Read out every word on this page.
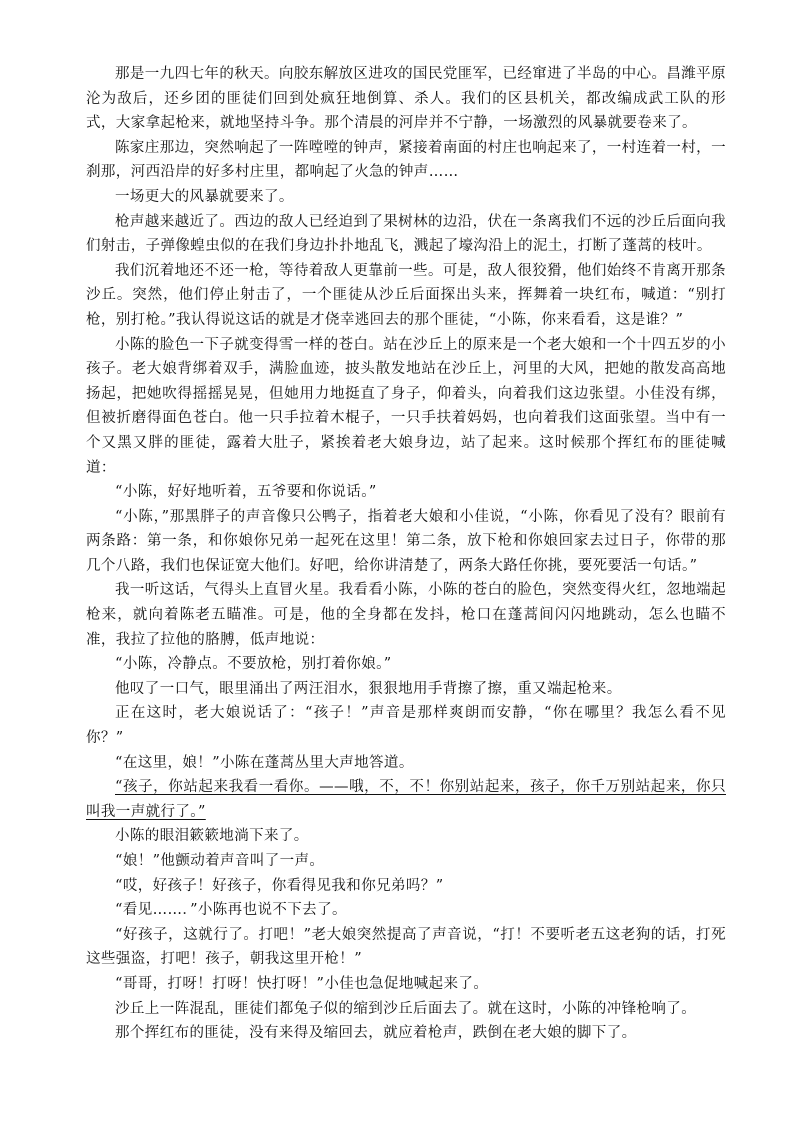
那是一九四七年的秋天。向胶东解放区进攻的国民党匪军，已经窜进了半岛的中心。昌潍平原沦为敌后，还乡团的匪徒们回到处疯狂地倒算、杀人。我们的区县机关，都改编成武工队的形式，大家拿起枪来，就地坚持斗争。那个清晨的河岸并不宁静，一场激烈的风暴就要卷来了。

陈家庄那边，突然响起了一阵嘡嘡的钟声，紧接着南面的村庄也响起来了，一村连着一村，一刹那，河西沿岸的好多村庄里，都响起了火急的钟声……

一场更大的风暴就要来了。

枪声越来越近了。西边的敌人已经迫到了果树林的边沿，伏在一条离我们不远的沙丘后面向我们射击，子弹像蝗虫似的在我们身边扑扑地乱飞，溅起了壕沟沿上的泥土，打断了蓬蒿的枝叶。

我们沉着地还不还一枪，等待着敌人更靠前一些。可是，敌人很狡猾，他们始终不肯离开那条沙丘。突然，他们停止射击了，一个匪徒从沙丘后面探出头来，挥舞着一块红布，喊道：“别打枪，别打枪。”我认得说这话的就是才侥幸逃回去的那个匪徒，“小陈，你来看看，这是谁？”

小陈的脸色一下子就变得雪一样的苍白。站在沙丘上的原来是一个老大娘和一个十四五岁的小孩子。老大娘背绑着双手，满脸血迹，披头散发地站在沙丘上，河里的大风，把她的散发高高地扬起，把她吹得摇摇晃晃，但她用力地挺直了身子，仰着头，向着我们这边张望。小佳没有绑，但被折磨得面色苍白。他一只手拉着木棍子，一只手扶着妈妈，也向着我们这面张望。当中有一个又黑又胖的匪徒，露着大肚子，紧挨着老大娘身边，站了起来。这时候那个挥红布的匪徒喊道：

“小陈，好好地听着，五爷要和你说话。”

“小陈，”那黑胖子的声音像只公鸭子，指着老大娘和小佳说，“小陈，你看见了没有？眼前有两条路：第一条，和你娘你兄弟一起死在这里！第二条，放下枪和你娘回家去过日子，你带的那几个八路，我们也保证宽大他们。好吧，给你讲清楚了，两条大路任你挑，要死要活一句话。”

我一听这话，气得头上直冒火星。我看看小陈，小陈的苍白的脸色，突然变得火红，忽地端起枪来，就向着陈老五瞄准。可是，他的全身都在发抖，枪口在蓬蒿间闪闪地跳动，怎么也瞄不准，我拉了拉他的胳膊，低声地说：

“小陈，冷静点。不要放枪，别打着你娘。”

他叹了一口气，眼里涌出了两汪泪水，狠狠地用手背擦了擦，重又端起枪来。

正在这时，老大娘说话了：“孩子！”声音是那样爽朗而安静，“你在哪里？我怎么看不见你？”

“在这里，娘！”小陈在蓬蒿丛里大声地答道。

“孩子，你站起来我看一看你。——哦，不，不！你别站起来，孩子，你千万别站起来，你只叫我一声就行了。”

小陈的眼泪簌簌地淌下来了。

“娘！”他颤动着声音叫了一声。

“哎，好孩子！好孩子，你看得见我和你兄弟吗？”

“看见……．”小陈再也说不下去了。

“好孩子，这就行了。打吧！”老大娘突然提高了声音说，“打！不要听老五这老狗的话，打死这些强盗，打吧！孩子，朝我这里开枪！”

“哥哥，打呀！打呀！快打呀！”小佳也急促地喊起来了。

沙丘上一阵混乱，匪徒们都兔子似的缩到沙丘后面去了。就在这时，小陈的冲锋枪响了。

那个挥红布的匪徒，没有来得及缩回去，就应着枪声，跌倒在老大娘的脚下了。
